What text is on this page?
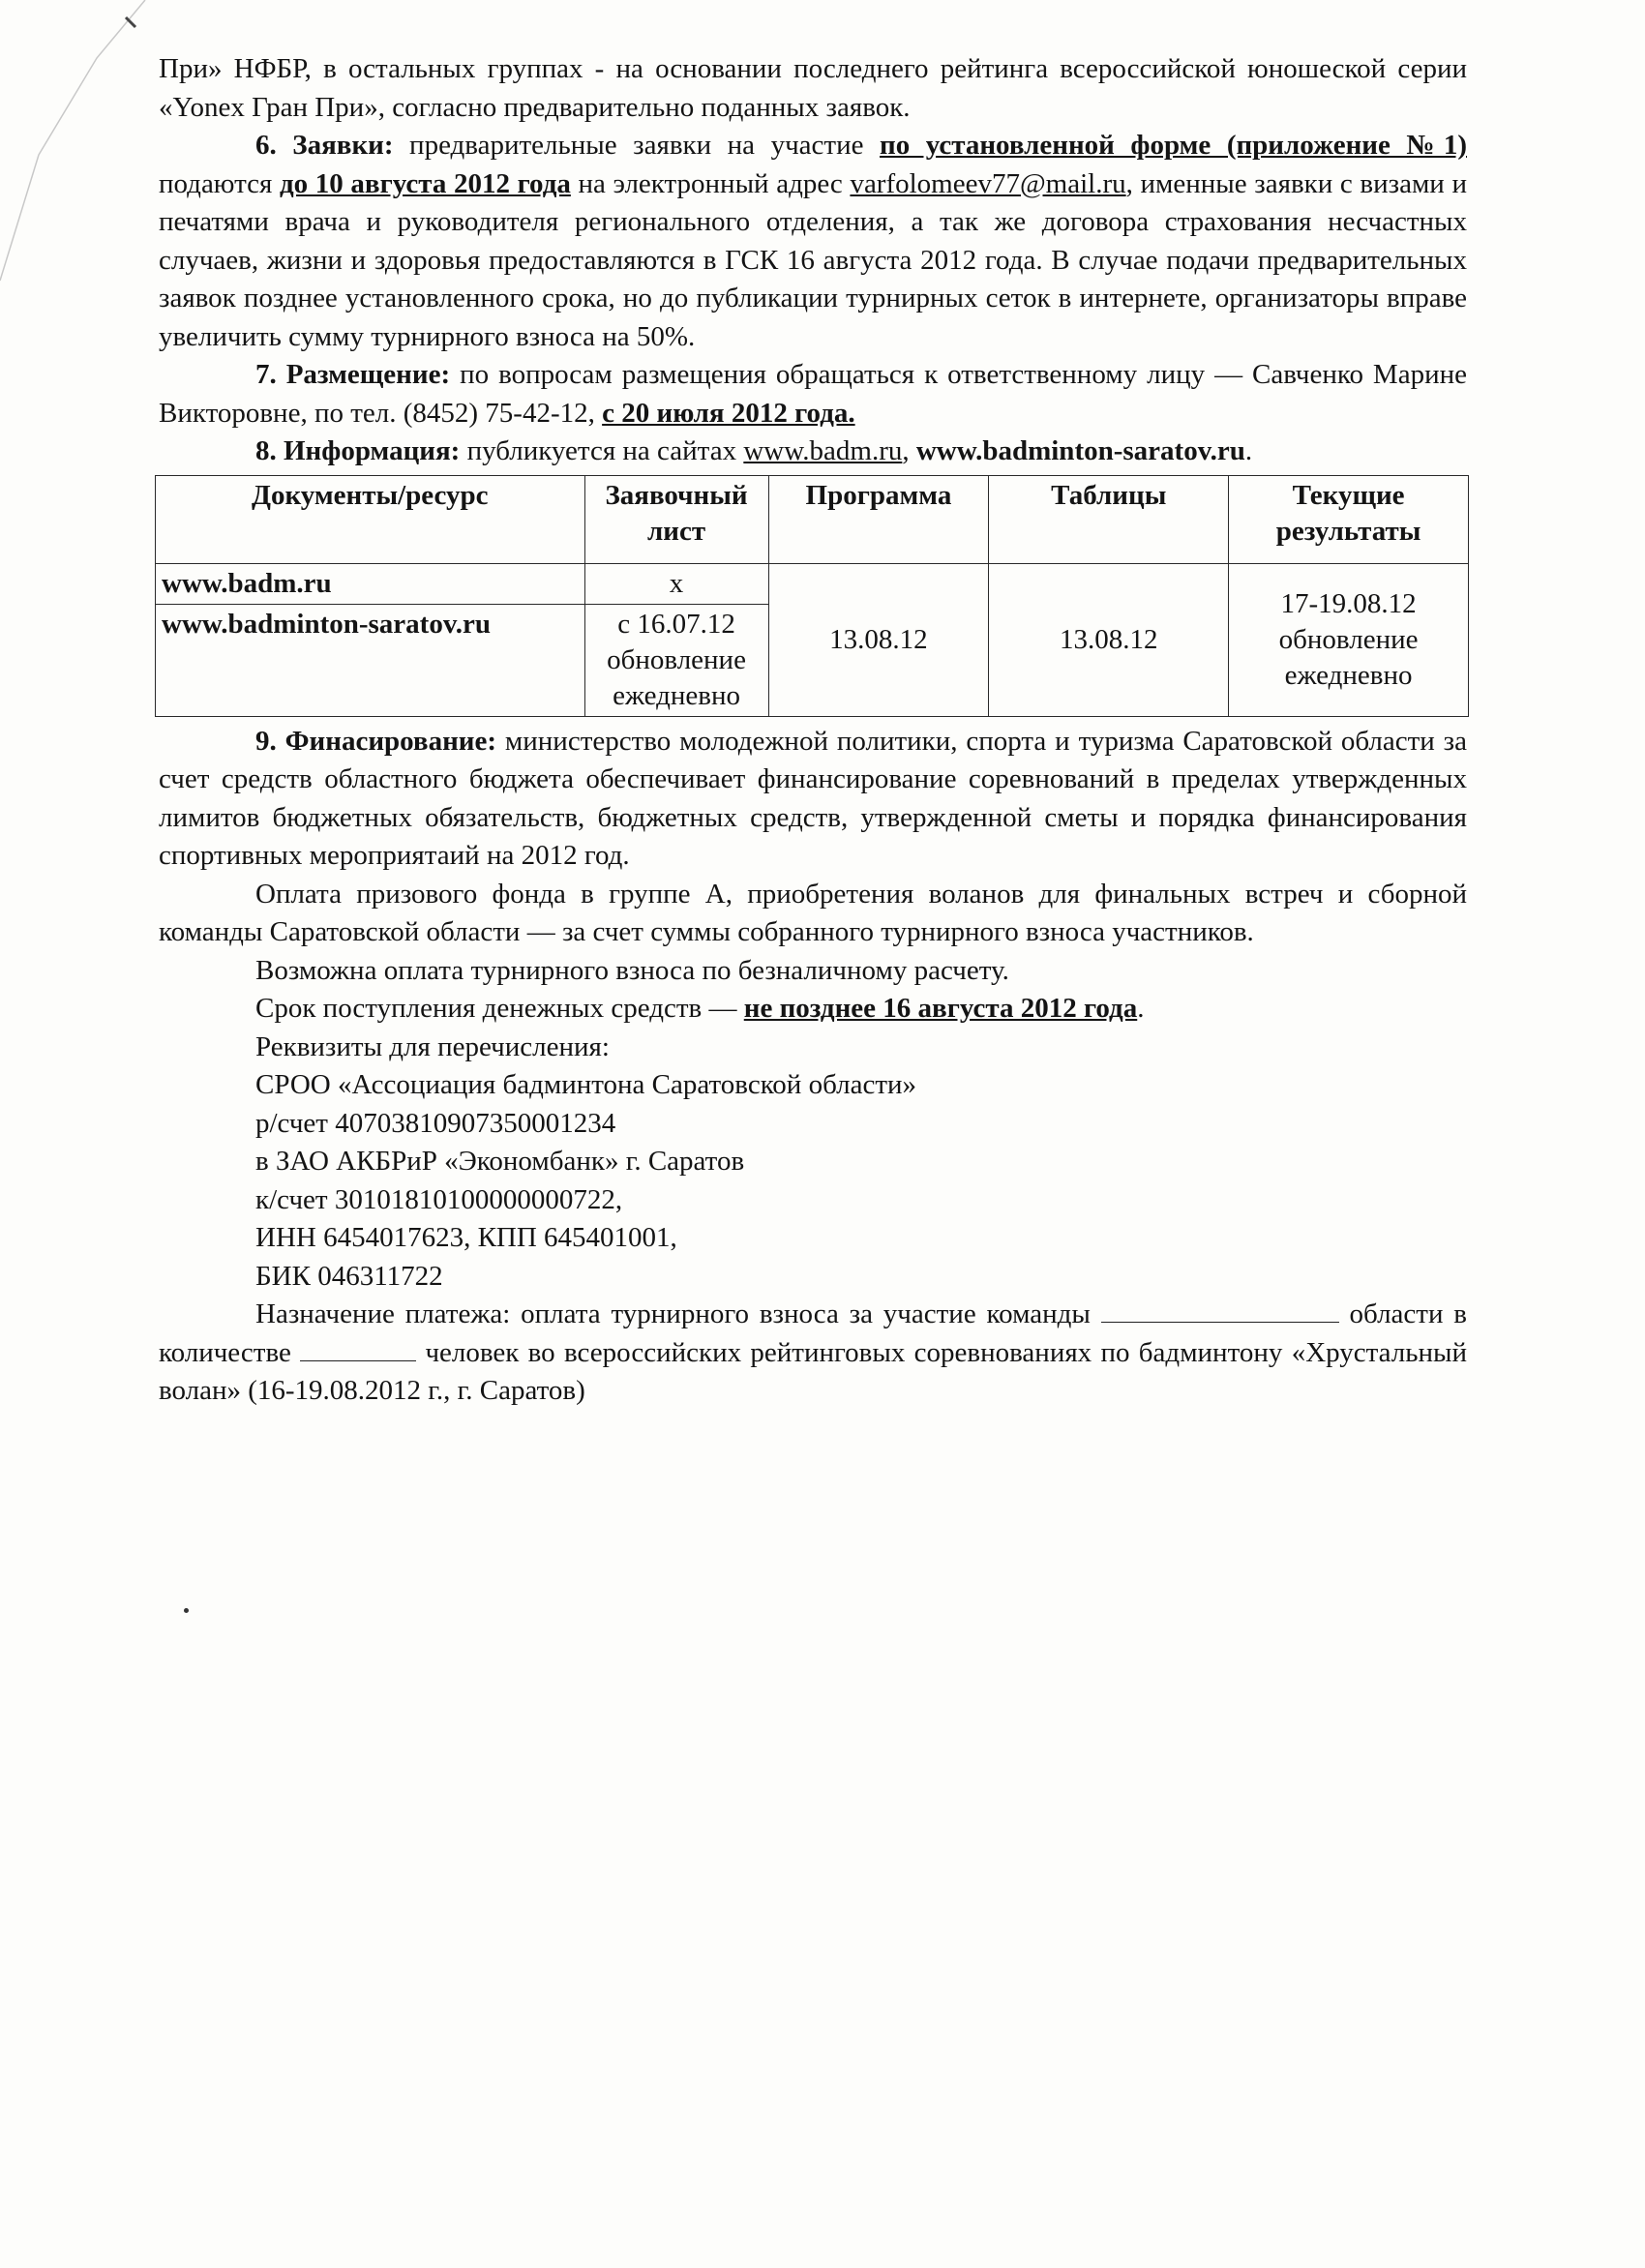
При» НФБР, в остальных группах - на основании последнего рейтинга всероссийской юношеской серии «Yonex Гран При», согласно предварительно поданных заявок.

6. Заявки: предварительные заявки на участие по установленной форме (приложение №1) подаются до 10 августа 2012 года на электронный адрес varfolomeev77@mail.ru, именные заявки с визами и печатями врача и руководителя регионального отделения, а так же договора страхования несчастных случаев, жизни и здоровья предоставляются в ГСК 16 августа 2012 года. В случае подачи предварительных заявок позднее установленного срока, но до публикации турнирных сеток в интернете, организаторы вправе увеличить сумму турнирного взноса на 50%.

7. Размещение: по вопросам размещения обращаться к ответственному лицу — Савченко Марине Викторовне, по тел. (8452) 75-42-12, с 20 июля 2012 года.

8. Информация: публикуется на сайтах www.badm.ru, www.badminton-saratov.ru.

Документы/ресурс	Заявочный лист	Программа	Таблицы	Текущие результаты
www.badm.ru	х	13.08.12	13.08.12	17-19.08.12 обновление ежедневно
www.badminton-saratov.ru	с 16.07.12 обновление ежедневно			

9. Финасирование: министерство молодежной политики, спорта и туризма Саратовской области за счет средств областного бюджета обеспечивает финансирование соревнований в пределах утвержденных лимитов бюджетных обязательств, бюджетных средств, утвержденной сметы и порядка финансирования спортивных мероприятаий на 2012 год.

Оплата призового фонда в группе А, приобретения воланов для финальных встреч и сборной команды Саратовской области — за счет суммы собранного турнирного взноса участников.

Возможна оплата турнирного взноса по безналичному расчету.

Срок поступления денежных средств — не позднее 16 августа 2012 года.

Реквизиты для перечисления:

СРОО «Ассоциация бадминтона Саратовской области»

р/счет 40703810907350001234

в ЗАО АКБРиР «Экономбанк» г. Саратов

к/счет 30101810100000000722,

ИНН 6454017623, КПП 645401001,

БИК 046311722

Назначение платежа: оплата турнирного взноса за участие команды	области в количестве	человек во всероссийских рейтинговых соревнованиях по бадминтону «Хрустальный волан» (16-19.08.2012 г., г. Саратов)
